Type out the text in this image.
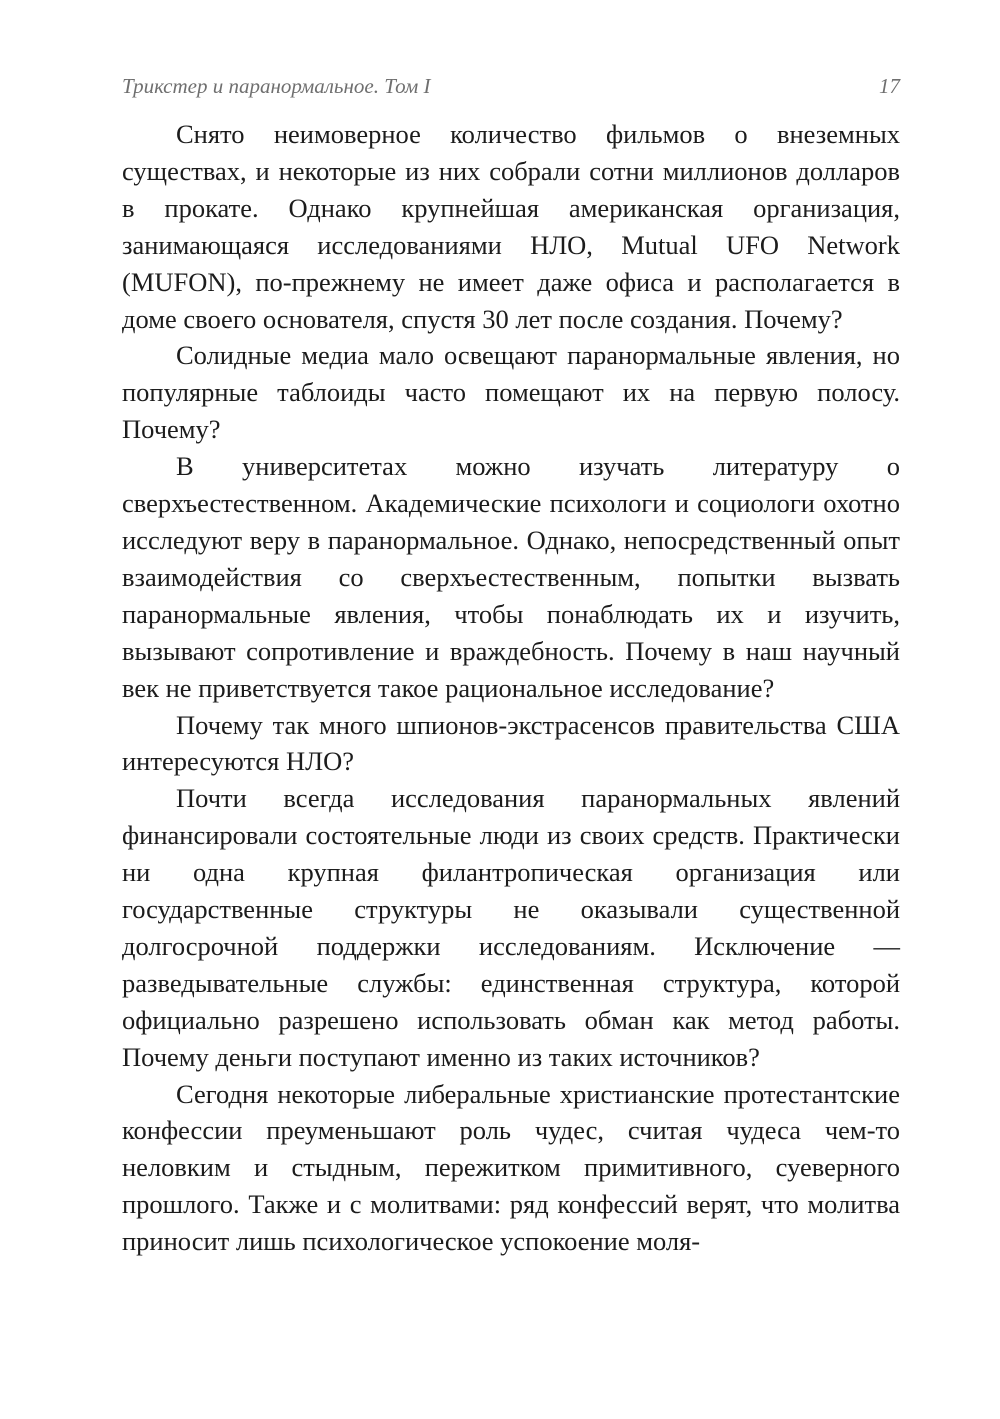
Трикстер и паранормальное. Том I	17

Снято неимоверное количество фильмов о внеземных существах, и некоторые из них собрали сотни миллионов долларов в прокате. Однако крупнейшая американская организация, занимающаяся исследованиями НЛО, Mutual UFO Network (MUFON), по-прежнему не имеет даже офиса и располагается в доме своего основателя, спустя 30 лет после создания. Почему?

Солидные медиа мало освещают паранормальные явления, но популярные таблоиды часто помещают их на первую полосу. Почему?

В университетах можно изучать литературу о сверхъестественном. Академические психологи и социологи охотно исследуют веру в паранормальное. Однако, непосредственный опыт взаимодействия со сверхъестественным, попытки вызвать паранормальные явления, чтобы понаблюдать их и изучить, вызывают сопротивление и враждебность. Почему в наш научный век не приветствуется такое рациональное исследование?

Почему так много шпионов-экстрасенсов правительства США интересуются НЛО?

Почти всегда исследования паранормальных явлений финансировали состоятельные люди из своих средств. Практически ни одна крупная филантропическая организация или государственные структуры не оказывали существенной долгосрочной поддержки исследованиям. Исключение — разведывательные службы: единственная структура, которой официально разрешено использовать обман как метод работы. Почему деньги поступают именно из таких источников?

Сегодня некоторые либеральные христианские протестантские конфессии преуменьшают роль чудес, считая чудеса чем-то неловким и стыдным, пережитком примитивного, суеверного прошлого. Также и с молитвами: ряд конфессий верят, что молитва приносит лишь психологическое успокоение моля-
